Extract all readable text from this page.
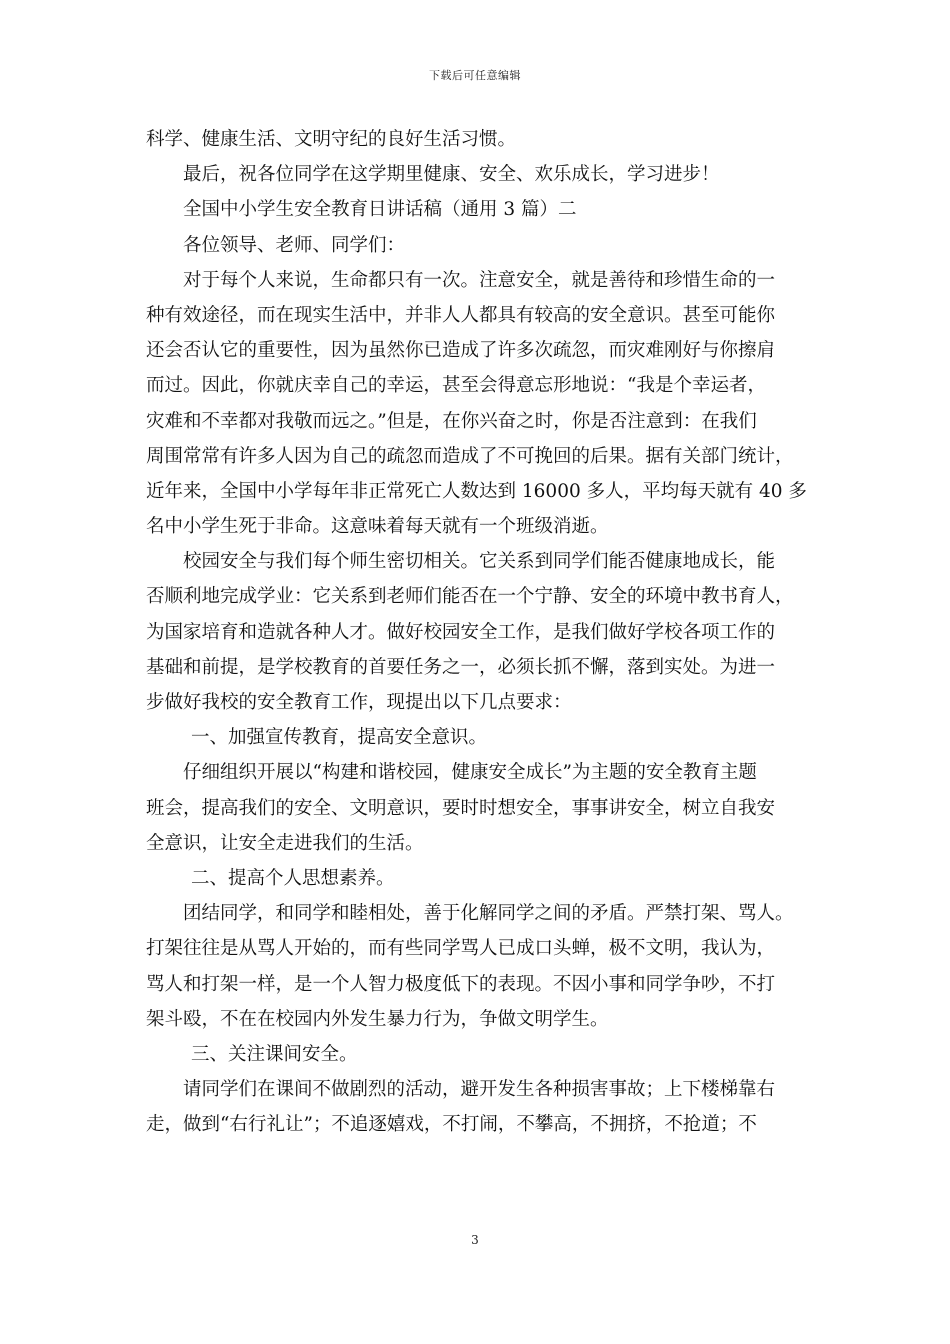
下载后可任意编辑
科学、健康生活、文明守纪的良好生活习惯。
最后，祝各位同学在这学期里健康、安全、欢乐成长，学习进步！
全国中小学生安全教育日讲话稿（通用 3 篇）二
各位领导、老师、同学们：
对于每个人来说，生命都只有一次。注意安全，就是善待和珍惜生命的一
种有效途径，而在现实生活中，并非人人都具有较高的安全意识。甚至可能你
还会否认它的重要性，因为虽然你已造成了许多次疏忽，而灾难刚好与你擦肩
而过。因此，你就庆幸自己的幸运，甚至会得意忘形地说：“我是个幸运者，
灾难和不幸都对我敬而远之。”但是，在你兴奋之时，你是否注意到：在我们
周围常常有许多人因为自己的疏忽而造成了不可挽回的后果。据有关部门统计，
近年来，全国中小学每年非正常死亡人数达到 16000 多人，平均每天就有 40 多
名中小学生死于非命。这意味着每天就有一个班级消逝。
校园安全与我们每个师生密切相关。它关系到同学们能否健康地成长，能
否顺利地完成学业：它关系到老师们能否在一个宁静、安全的环境中教书育人，
为国家培育和造就各种人才。做好校园安全工作，是我们做好学校各项工作的
基础和前提，是学校教育的首要任务之一，必须长抓不懈，落到实处。为进一
步做好我校的安全教育工作，现提出以下几点要求：
一、加强宣传教育，提高安全意识。
仔细组织开展以“构建和谐校园，健康安全成长”为主题的安全教育主题
班会，提高我们的安全、文明意识，要时时想安全，事事讲安全，树立自我安
全意识，让安全走进我们的生活。
二、提高个人思想素养。
团结同学，和同学和睦相处，善于化解同学之间的矛盾。严禁打架、骂人。
打架往往是从骂人开始的，而有些同学骂人已成口头蝉，极不文明，我认为，
骂人和打架一样，是一个人智力极度低下的表现。不因小事和同学争吵，不打
架斗殴，不在在校园内外发生暴力行为，争做文明学生。
三、关注课间安全。
请同学们在课间不做剧烈的活动，避开发生各种损害事故；上下楼梯靠右
走，做到“右行礼让”；不追逐嬉戏，不打闹，不攀高，不拥挤，不抢道；不
3
